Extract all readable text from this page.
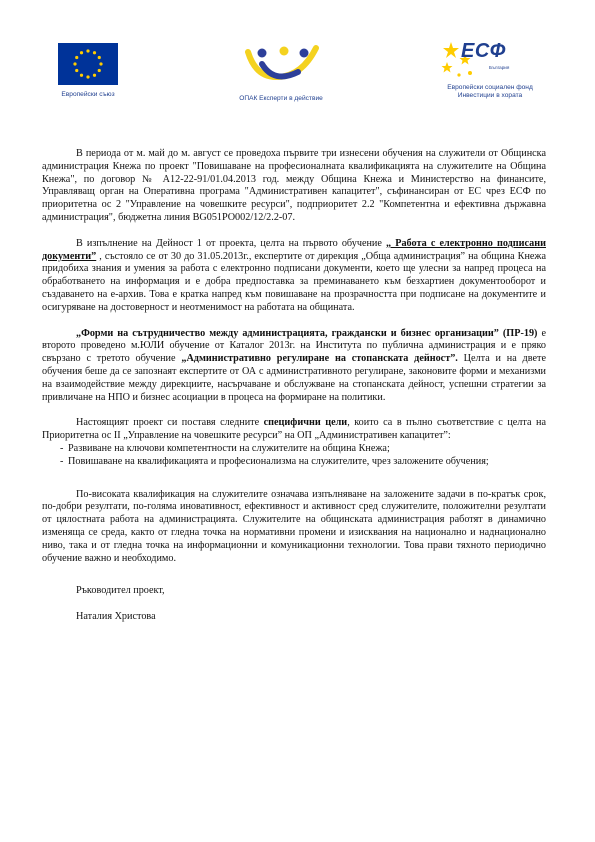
Европейски съюз
ОПАК Експерти в действие
ЕСФ
България
Европейски социален фонд
Инвестиции в хората

В периода от м. май до м. август се проведоха първите три изнесени обучения на служители от Общинска администрация Кнежа по проект "Повишаване на професионалната квалификацията на служителите на Община Кнежа", по договор № А12-22-91/01.04.2013 год. между Община Кнежа и Министерство на финансите, Управляващ орган на Оперативна програма "Административен капацитет", съфинансиран от ЕС чрез ЕСФ по приоритетна ос 2 "Управление на човешките ресурси", подприоритет 2.2 "Компетентна и ефективна държавна администрация", бюджетна линия BG051PO002/12/2.2-07.

В изпълнение на Дейност 1 от проекта, целта на първото обучение „ Работа с електронно подписани документи” , състояло се от 30 до 31.05.2013г., експертите от дирекция „Обща администрация” на община Кнежа придобиха знания и умения за работа с електронно подписани документи, което ще улесни за напред процеса на обработването на информация и е добра предпоставка за преминаването към безхартиен документооборот и създаването на е-архив. Това е кратка напред към повишаване на прозрачността при подписане на документите и осигуряване на достоверност и неотменимост на работата на общината.

„Форми на сътрудничество между администрацията, граждански и бизнес организации” (ПР-19) е второто проведено м.ЮЛИ обучение от Каталог 2013г. на Института по публична администрация и е пряко свързано с третото обучение „Административно регулиране на стопанската дейност”. Целта и на двете обучения беше да се запознаят експертите от ОА с административното регулиране, законовите форми и механизми на взаимодействие между дирекциите, насърчаване и обслужване на стопанската дейност, успешни стратегии за привличане на НПО и бизнес асоциации в процеса на формиране на политики.

Настоящият проект си поставя следните специфични цели, които са в пълно съответствие с целта на Приоритетна ос II „Управление на човешките ресурси” на ОП „Административен капацитет”:

- Развиване на ключови компетентности на служителите на община Кнежа;
- Повишаване на квалификацията и професионализма на служителите, чрез заложените обучения;

По-високата квалификация на служителите означава изпълняване на заложените задачи в по-кратък срок, по-добри резултати, по-голяма иновативност, ефективност и активност сред служителите, положителни резултати от цялостната работа на администрацията. Служителите на общинската администрация работят в динамично изменяща се среда, както от гледна точка на нормативни промени и изисквания на национално и наднационално ниво, така и от гледна точка на информационни и комуникационни технологии. Това прави тяхното периодично обучение важно и необходимо.

Ръководител проект,

Наталия Христова
